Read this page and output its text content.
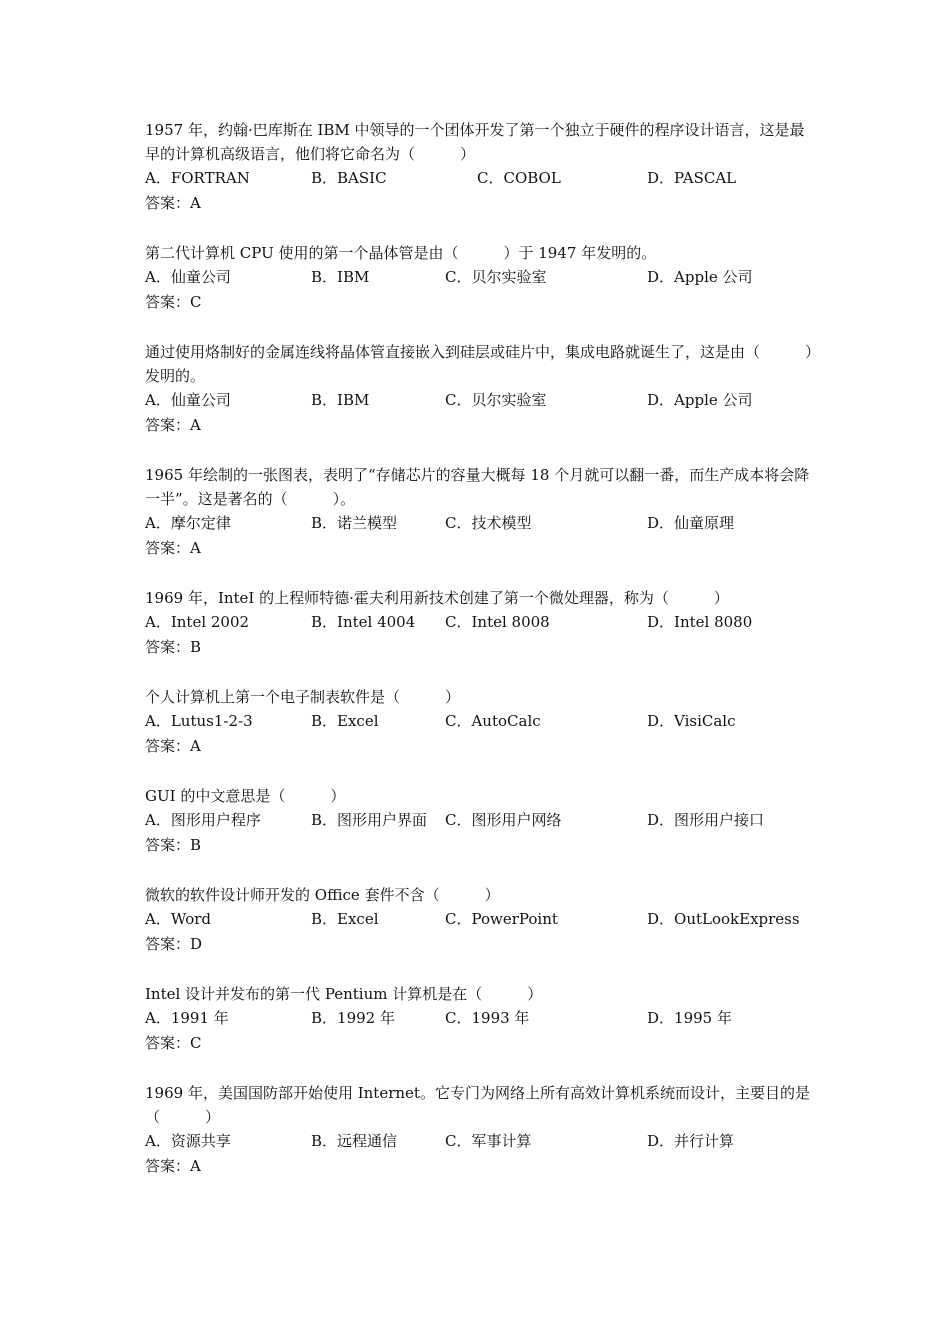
1957 年，约翰·巴库斯在 IBM 中领导的一个团体开发了第一个独立于硬件的程序设计语言，这是最早的计算机高级语言，他们将它命名为（　　　）

A．FORTRAN	B．BASIC	C．COBOL	D．PASCAL

答案：A

第二代计算机 CPU 使用的第一个晶体管是由（　　　）于 1947 年发明的。

A．仙童公司	B．IBM	C．贝尔实验室	D．Apple 公司

答案：C

通过使用烙制好的金属连线将晶体管直接嵌入到硅层或硅片中，集成电路就诞生了，这是由（　　　）发明的。

A．仙童公司	B．IBM	C．贝尔实验室	D．Apple 公司

答案：A

1965 年绘制的一张图表，表明了“存储芯片的容量大概每 18 个月就可以翻一番，而生产成本将会降一半”。这是著名的（　　　）。

A．摩尔定律	B．诺兰模型	C．技术模型	D．仙童原理

答案：A

1969 年，InteI 的上程师特德·霍夫利用新技术创建了第一个微处理器，称为（　　　）

A．Intel 2002	B．Intel 4004 C．Intel 8008	D．Intel 8080

答案：B

个人计算机上第一个电子制表软件是（　　　）

A．Lutus1-2-3	B．Excel	C．AutoCalc	D．VisiCalc

答案：A

GUI 的中文意思是（　　　）

A．图形用户程序	B．图形用户界面 C．图形用户网络	D．图形用户接口

答案：B

微软的软件设计师开发的 Office 套件不含（　　　）

A．Word	B．Excel	C．PowerPoint	D．OutLookExpress

答案：D

Intel 设计并发布的第一代 Pentium 计算机是在（　　　）

A．1991 年	B．1992 年	C．1993 年	D．1995 年

答案：C

1969 年，美国国防部开始使用 Internet。它专门为网络上所有高效计算机系统而设计，主要目的是（　　　）

A．资源共享	B．远程通信	C．军事计算	D．并行计算

答案：A
